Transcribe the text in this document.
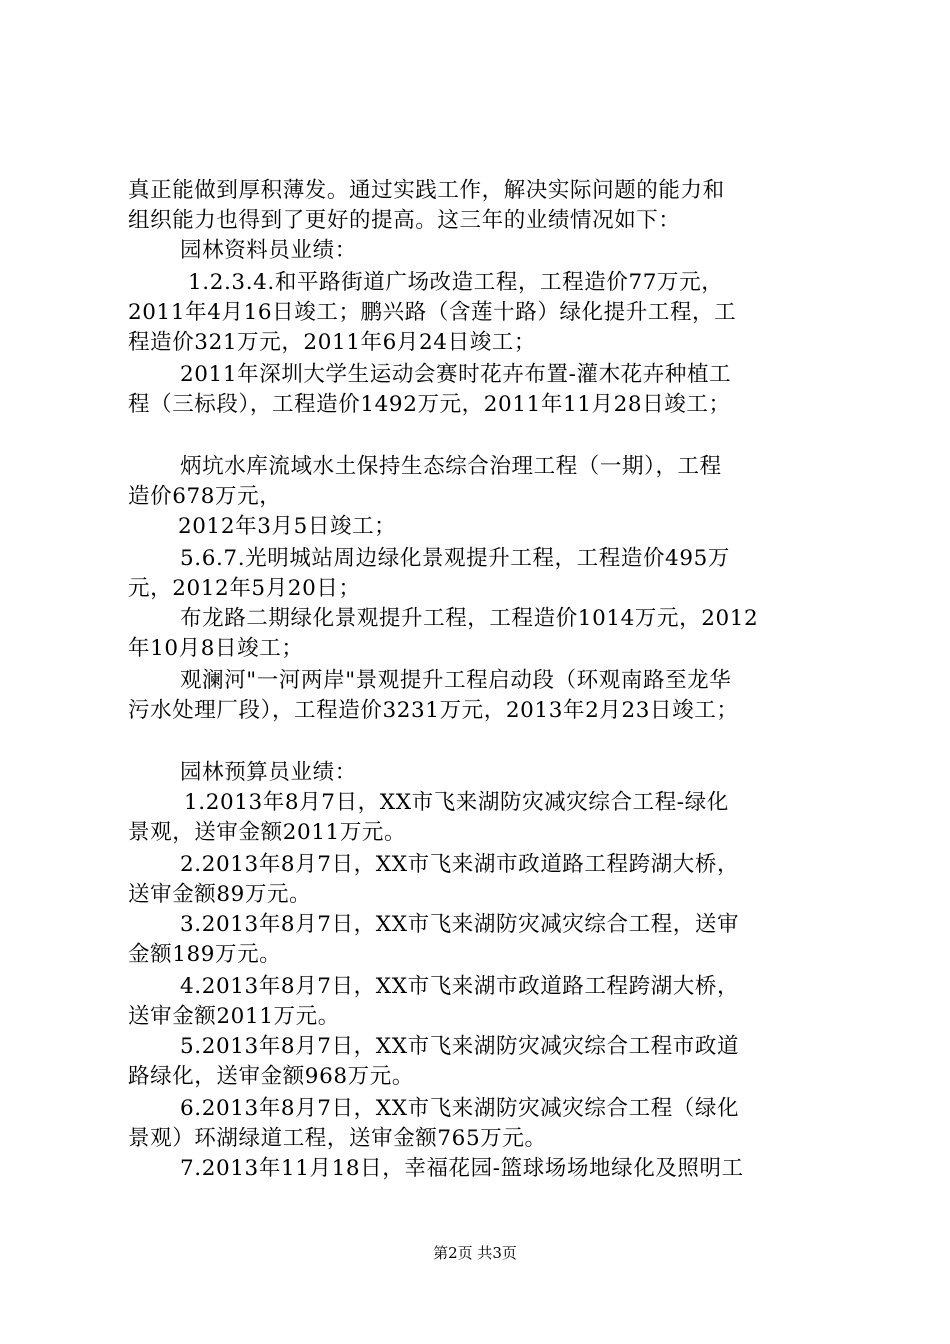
真正能做到厚积薄发。通过实践工作，解决实际问题的能力和
组织能力也得到了更好的提高。这三年的业绩情况如下：
园林资料员业绩：
1.2.3.4.和平路街道广场改造工程，工程造价77万元，
2011年4月16日竣工；鹏兴路（含莲十路）绿化提升工程，工
程造价321万元，2011年6月24日竣工；
2011年深圳大学生运动会赛时花卉布置-灌木花卉种植工
程（三标段），工程造价1492万元，2011年11月28日竣工；
炳坑水库流域水土保持生态综合治理工程（一期），工程
造价678万元，
2012年3月5日竣工；
5.6.7.光明城站周边绿化景观提升工程，工程造价495万
元，2012年5月20日；
布龙路二期绿化景观提升工程，工程造价1014万元，2012
年10月8日竣工；
观澜河"一河两岸"景观提升工程启动段（环观南路至龙华
污水处理厂段），工程造价3231万元，2013年2月23日竣工；
园林预算员业绩：
1.2013年8月7日，XX市飞来湖防灾减灾综合工程-绿化
景观，送审金额2011万元。
2.2013年8月7日，XX市飞来湖市政道路工程跨湖大桥，
送审金额89万元。
3.2013年8月7日，XX市飞来湖防灾减灾综合工程，送审
金额189万元。
4.2013年8月7日，XX市飞来湖市政道路工程跨湖大桥，
送审金额2011万元。
5.2013年8月7日，XX市飞来湖防灾减灾综合工程市政道
路绿化，送审金额968万元。
6.2013年8月7日，XX市飞来湖防灾减灾综合工程（绿化
景观）环湖绿道工程，送审金额765万元。
7.2013年11月18日，幸福花园-篮球场场地绿化及照明工
第2页 共3页
